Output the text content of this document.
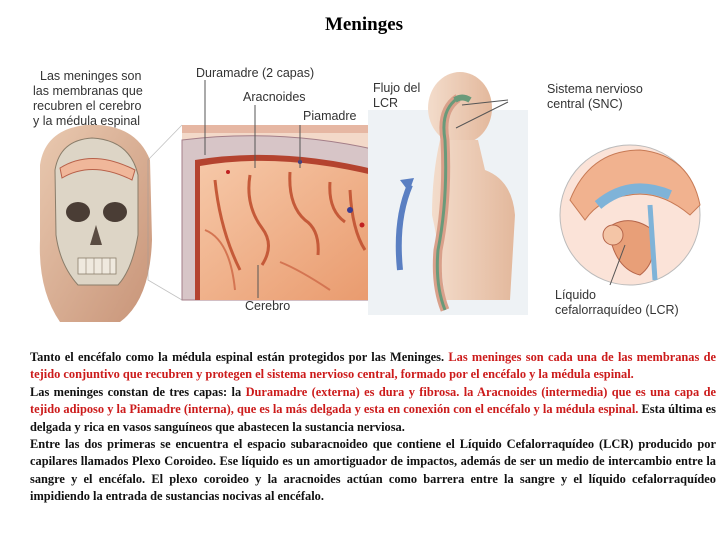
Meninges
Las meninges son
las membranas que
recubren el cerebro
y la médula espinal
Duramadre (2 capas)
Aracnoides
Piamadre
Cerebro
Flujo del
LCR
Sistema nervioso
central (SNC)
Líquido
cefalorraquídeo (LCR)

Tanto el encéfalo como la médula espinal están protegidos por las Meninges. Las meninges son cada una de las membranas de tejido conjuntivo que recubren y protegen el sistema nervioso central, formado por el encéfalo y la médula espinal.

Las meninges constan de tres capas: la Duramadre (externa) es dura y fibrosa. la Aracnoides (intermedia) que es una capa de tejido adiposo y la Piamadre (interna), que es la más delgada y esta en conexión con el encéfalo y la médula espinal. Esta última es delgada y rica en vasos sanguíneos que abastecen la sustancia nerviosa.

Entre las dos primeras se encuentra el espacio subaracnoideo que contiene el Líquido Cefalorraquídeo (LCR) producido por capilares llamados Plexo Coroideo. Ese líquido es un amortiguador de impactos, además de ser un medio de intercambio entre la sangre y el encéfalo. El plexo coroideo y la aracnoides actúan como barrera entre la sangre y el líquido cefalorraquídeo impidiendo la entrada de sustancias nocivas al encéfalo.
